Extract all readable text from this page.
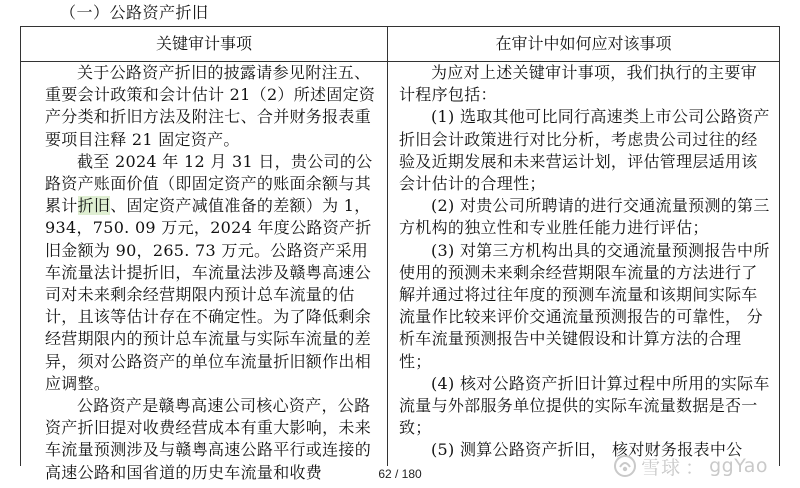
（一）公路资产折旧
关键审计事项	在审计中如何应对该事项

关于公路资产折旧的披露请参见附注五、重要会计政策和会计估计 21（2）所述固定资产分类和折旧方法及附注七、合并财务报表重要项目注释 21 固定资产。

截至 2024 年 12 月 31 日，贵公司的公路资产账面价值（即固定资产的账面余额与其累计折旧、固定资产减值准备的差额）为 1，934，750. 09 万元，2024 年度公路资产折旧金额为 90，265. 73 万元。公路资产采用车流量法计提折旧，车流量法涉及赣粤高速公司对未来剩余经营期限内预计总车流量的估计，且该等估计存在不确定性。为了降低剩余经营期限内的预计总车流量与实际车流量的差异，须对公路资产的单位车流量折旧额作出相应调整。

公路资产是赣粤高速公司核心资产，公路资产折旧提对收费经营成本有重大影响，未来车流量预测涉及与赣粤高速公路平行或连接的高速公路和国省道的历史车流量和收费

为应对上述关键审计事项，我们执行的主要审计程序包括：

(1) 选取其他可比同行高速类上市公司公路资产折旧会计政策进行对比分析，考虑贵公司过往的经验及近期发展和未来营运计划，评估管理层适用该会计估计的合理性；

(2) 对贵公司所聘请的进行交通流量预测的第三方机构的独立性和专业胜任能力进行评估；

(3) 对第三方机构出具的交通流量预测报告中所使用的预测未来剩余经营期限车流量的方法进行了解并通过将过往年度的预测车流量和该期间实际车流量作比较来评价交通流量预测报告的可靠性， 分析车流量预测报告中关键假设和计算方法的合理性；

(4) 核对公路资产折旧计算过程中所用的实际车流量与外部服务单位提供的实际车流量数据是否一致；

(5) 测算公路资产折旧， 核对财务报表中公

62 / 180	雪球 ： ggYao
